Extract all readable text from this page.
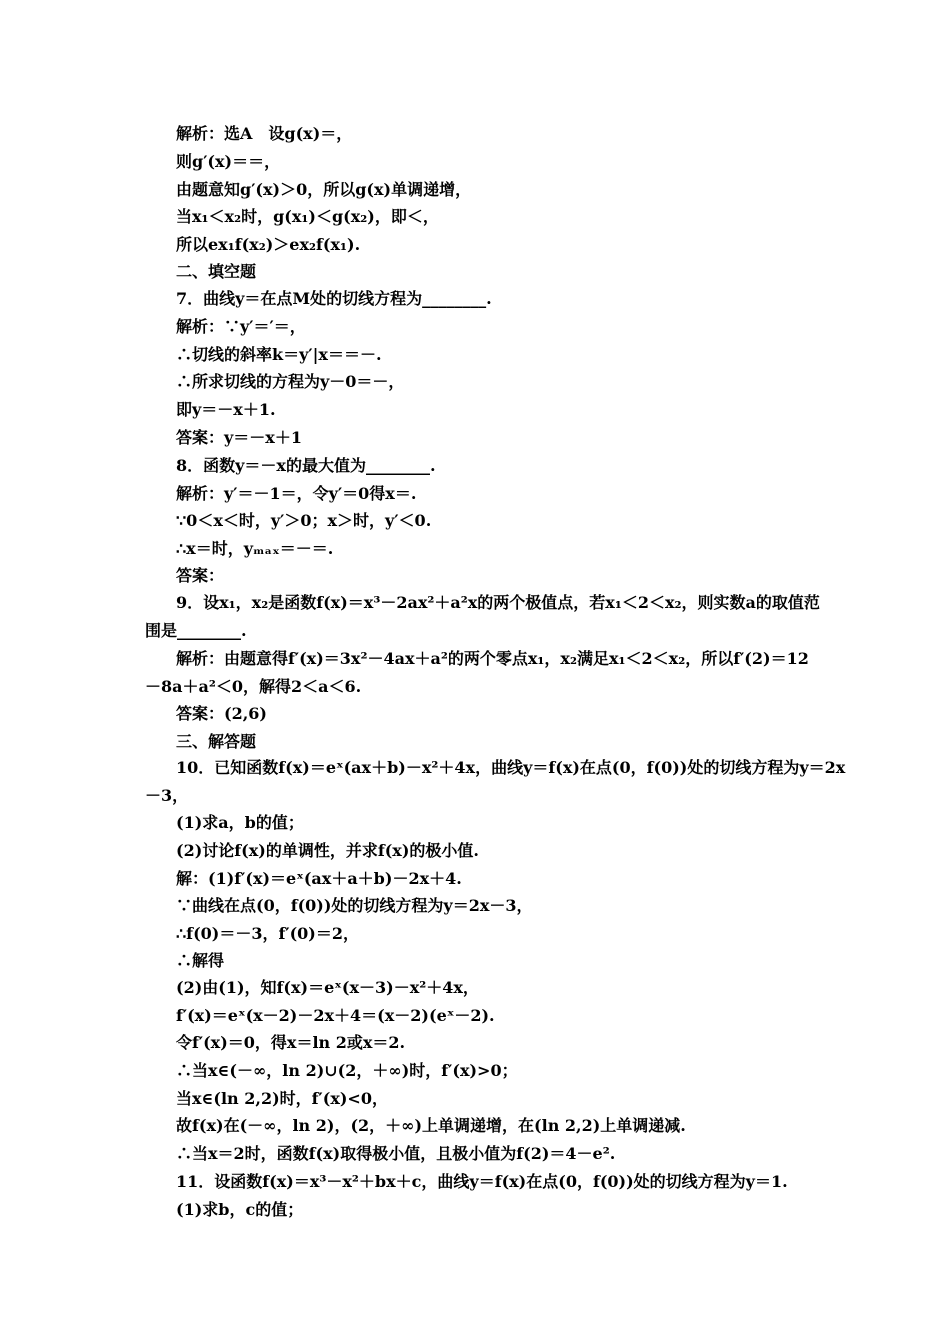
解析：选A　设g(x)＝，
则g′(x)＝＝，
由题意知g′(x)＞0，所以g(x)单调递增，
当x₁＜x₂时，g(x₁)＜g(x₂)，即＜，
所以ex₁f(x₂)＞ex₂f(x₁).
二、填空题
7．曲线y＝在点M处的切线方程为________.
解析：∵y′＝′＝，
∴切线的斜率k＝y′|x＝＝－.
∴所求切线的方程为y－0＝－，
即y＝－x＋1.
答案：y＝－x＋1
8．函数y＝－x的最大值为________.
解析：y′＝－1＝，令y′＝0得x＝.
∵0＜x＜时，y′＞0；x＞时，y′＜0.
∴x＝时，yₘₐₓ＝－＝.
答案：
9．设x₁，x₂是函数f(x)＝x³－2ax²＋a²x的两个极值点，若x₁＜2＜x₂，则实数a的取值范
围是________.
解析：由题意得f′(x)＝3x²－4ax＋a²的两个零点x₁，x₂满足x₁＜2＜x₂，所以f′(2)＝12
－8a＋a²＜0，解得2＜a＜6.
答案：(2,6)
三、解答题
10．已知函数f(x)＝eˣ(ax＋b)－x²＋4x，曲线y＝f(x)在点(0，f(0))处的切线方程为y＝2x
－3，
(1)求a，b的值；
(2)讨论f(x)的单调性，并求f(x)的极小值.
解：(1)f′(x)＝eˣ(ax＋a＋b)－2x＋4.
∵曲线在点(0，f(0))处的切线方程为y＝2x－3，
∴f(0)＝－3，f′(0)＝2，
∴解得
(2)由(1)，知f(x)＝eˣ(x－3)－x²＋4x，
f′(x)＝eˣ(x－2)－2x＋4＝(x－2)(eˣ－2).
令f′(x)＝0，得x＝ln 2或x＝2.
∴当x∈(－∞，ln 2)∪(2，＋∞)时，f′(x)>0；
当x∈(ln 2,2)时，f′(x)<0，
故f(x)在(－∞，ln 2)，(2，＋∞)上单调递增，在(ln 2,2)上单调递减.
∴当x＝2时，函数f(x)取得极小值，且极小值为f(2)＝4－e².
11．设函数f(x)＝x³－x²＋bx＋c，曲线y＝f(x)在点(0，f(0))处的切线方程为y＝1.
(1)求b，c的值；
